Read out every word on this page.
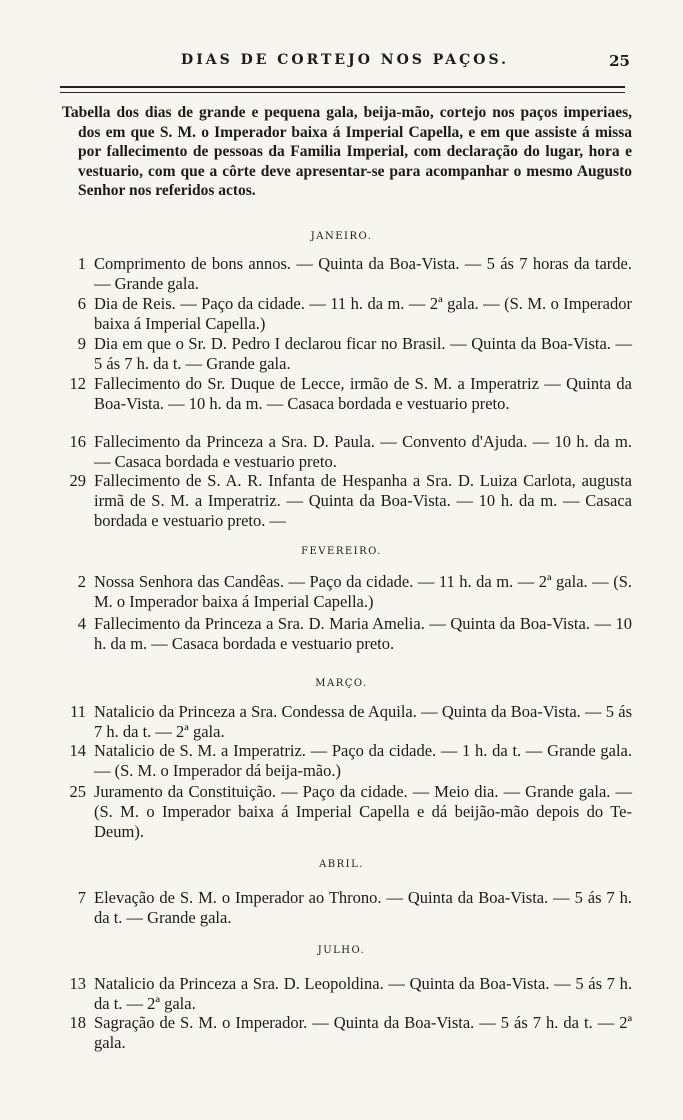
DIAS DE CORTEJO NOS PAÇOS.	25
Tabella dos dias de grande e pequena gala, beija-mão, cortejo nos paços imperiaes, dos em que S. M. o Imperador baixa á Imperial Capella, e em que assiste á missa por fallecimento de pessoas da Familia Imperial, com declaração do lugar, hora e vestuario, com que a côrte deve apresentar-se para acompanhar o mesmo Augusto Senhor nos referidos actos.
JANEIRO.
1 Comprimento de bons annos. — Quinta da Boa-Vista. — 5 ás 7 horas da tarde. — Grande gala.
6 Dia de Reis. — Paço da cidade. — 11 h. da m. — 2ª gala. — (S. M. o Imperador baixa á Imperial Capella.)
9 Dia em que o Sr. D. Pedro I declarou ficar no Brasil. — Quinta da Boa-Vista. — 5 ás 7 h. da t. — Grande gala.
12 Fallecimento do Sr. Duque de Lecce, irmão de S. M. a Imperatriz — Quinta da Boa-Vista. — 10 h. da m. — Casaca bordada e vestuario preto.
16 Fallecimento da Princeza a Sra. D. Paula. — Convento d'Ajuda. — 10 h. da m. — Casaca bordada e vestuario preto.
29 Fallecimento de S. A. R. Infanta de Hespanha a Sra. D. Luiza Carlota, augusta irmã de S. M. a Imperatriz. — Quinta da Boa-Vista. — 10 h. da m. — Casaca bordada e vestuario preto. —
FEVEREIRO.
2 Nossa Senhora das Candêas. — Paço da cidade. — 11 h. da m. — 2ª gala. — (S. M. o Imperador baixa á Imperial Capella.)
4 Fallecimento da Princeza a Sra. D. Maria Amelia. — Quinta da Boa-Vista. — 10 h. da m. — Casaca bordada e vestuario preto.
MARÇO.
11 Natalicio da Princeza a Sra. Condessa de Aquila. — Quinta da Boa-Vista. — 5 ás 7 h. da t. — 2ª gala.
14 Natalicio de S. M. a Imperatriz. — Paço da cidade. — 1 h. da t. — Grande gala. — (S. M. o Imperador dá beija-mão.)
25 Juramento da Constituição. — Paço da cidade. — Meio dia. — Grande gala. — (S. M. o Imperador baixa á Imperial Capella e dá beijão-mão depois do Te-Deum).
ABRIL.
7 Elevação de S. M. o Imperador ao Throno. — Quinta da Boa-Vista. — 5 ás 7 h. da t. — Grande gala.
JULHO.
13 Natalicio da Princeza a Sra. D. Leopoldina. — Quinta da Boa-Vista. — 5 ás 7 h. da t. — 2ª gala.
18 Sagração de S. M. o Imperador. — Quinta da Boa-Vista. — 5 ás 7 h. da t. — 2ª gala.
